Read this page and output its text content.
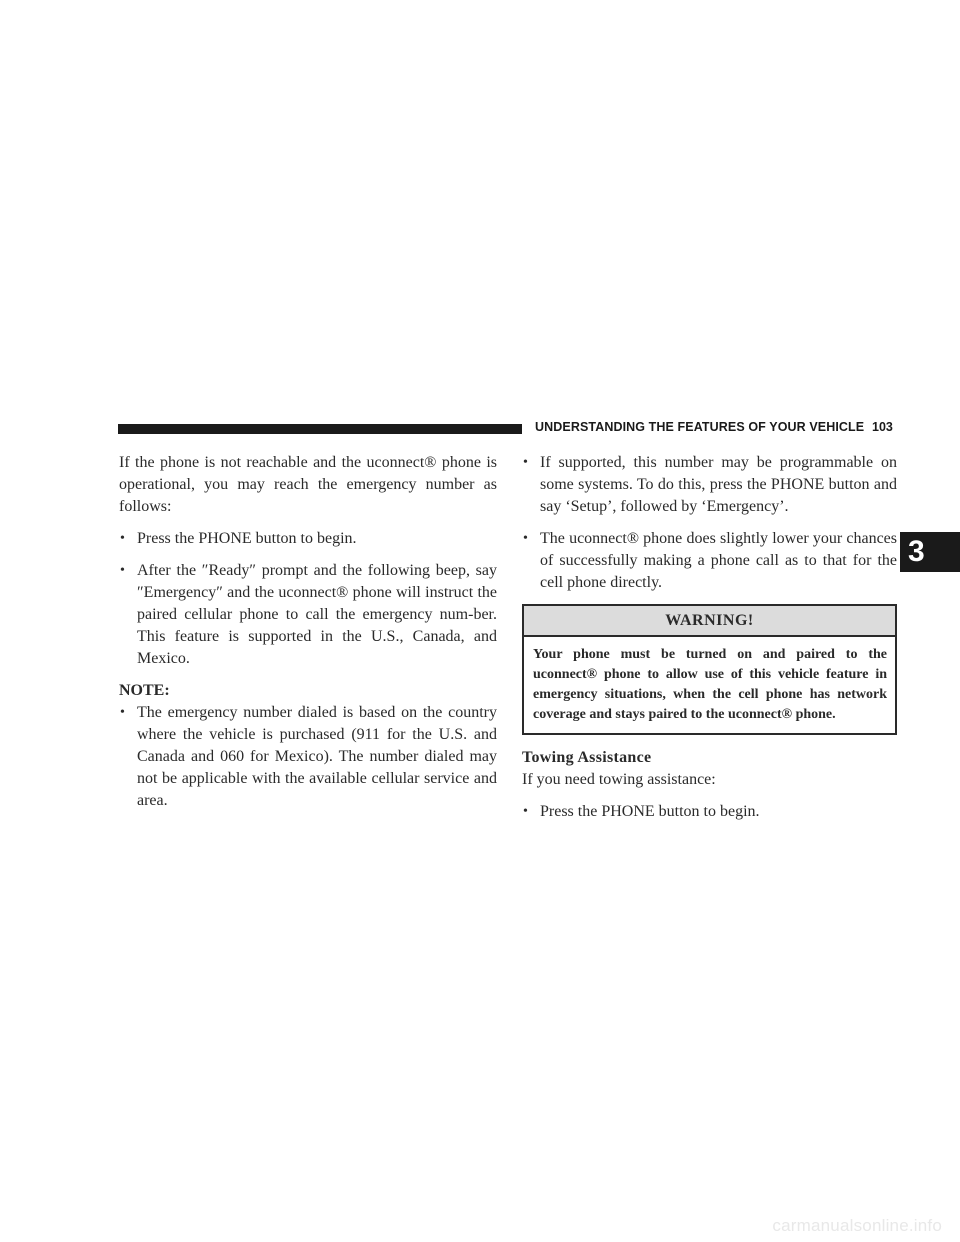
UNDERSTANDING THE FEATURES OF YOUR VEHICLE 103
3

If the phone is not reachable and the uconnect® phone is operational, you may reach the emergency number as follows:

• Press the PHONE button to begin.
• After the ″Ready″ prompt and the following beep, say ″Emergency″ and the uconnect® phone will instruct the paired cellular phone to call the emergency num-ber. This feature is supported in the U.S., Canada, and Mexico.

NOTE:

• The emergency number dialed is based on the country where the vehicle is purchased (911 for the U.S. and Canada and 060 for Mexico). The number dialed may not be applicable with the available cellular service and area.
• If supported, this number may be programmable on some systems. To do this, press the PHONE button and say ‘Setup’, followed by ‘Emergency’.
• The uconnect® phone does slightly lower your chances of successfully making a phone call as to that for the cell phone directly.
WARNING!
Your phone must be turned on and paired to the uconnect® phone to allow use of this vehicle feature in emergency situations, when the cell phone has network coverage and stays paired to the uconnect® phone.

Towing Assistance

If you need towing assistance:

• Press the PHONE button to begin.
carmanualsonline.info
